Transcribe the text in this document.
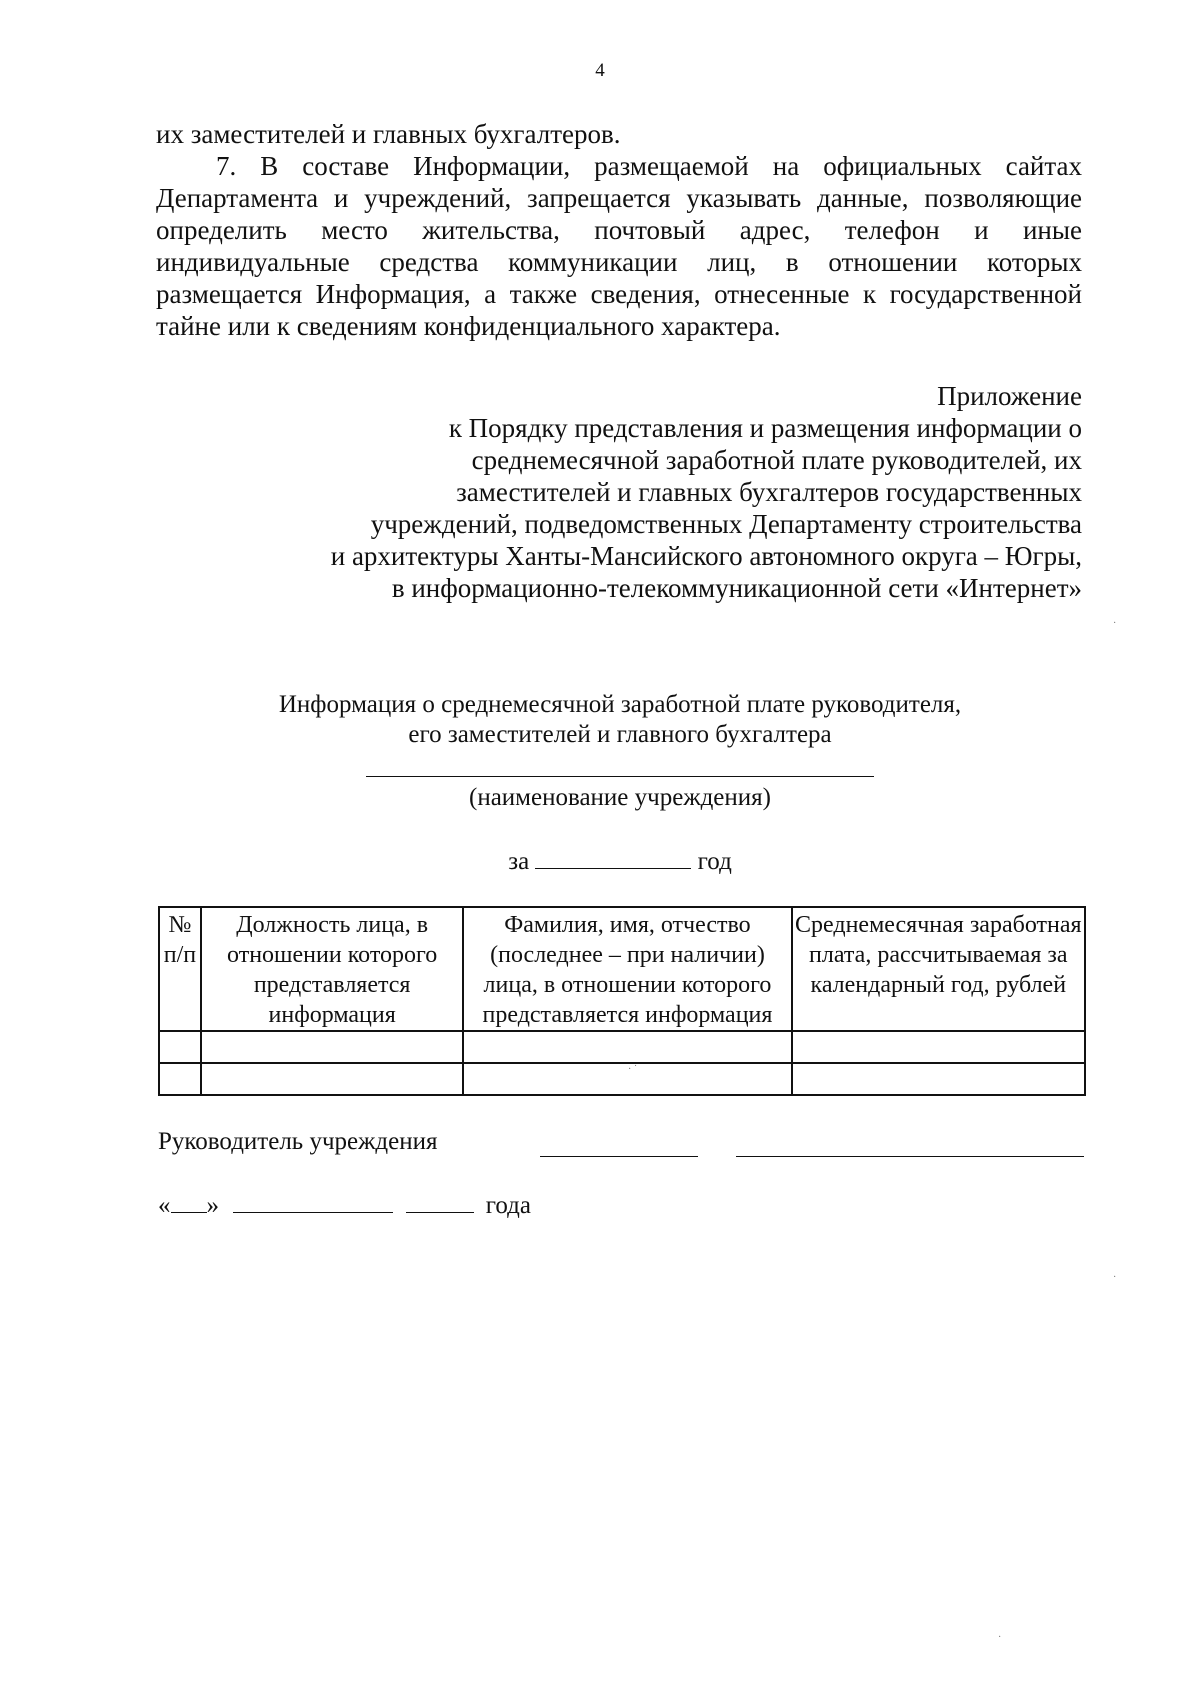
4
их заместителей и главных бухгалтеров.
7. В составе Информации, размещаемой на официальных сайтах Департамента и учреждений, запрещается указывать данные, позволяющие определить место жительства, почтовый адрес, телефон и иные индивидуальные средства коммуникации лиц, в отношении которых размещается Информация, а также сведения, отнесенные к государственной тайне или к сведениям конфиденциального характера.
Приложение
к Порядку представления и размещения информации о
среднемесячной заработной плате руководителей, их
заместителей и главных бухгалтеров государственных
учреждений, подведомственных Департаменту строительства
и архитектуры Ханты-Мансийского автономного округа – Югры,
в информационно-телекоммуникационной сети «Интернет»
Информация о среднемесячной заработной плате руководителя,
его заместителей и главного бухгалтера
(наименование учреждения)
за	год
№ п/п	Должность лица, в отношении которого представляется информация	Фамилия, имя, отчество (последнее – при наличии) лица, в отношении которого представляется информация	Среднемесячная заработная плата, рассчитываемая за календарный год, рублей

Руководитель учреждения
« »	года
·
· ˙
·
·
